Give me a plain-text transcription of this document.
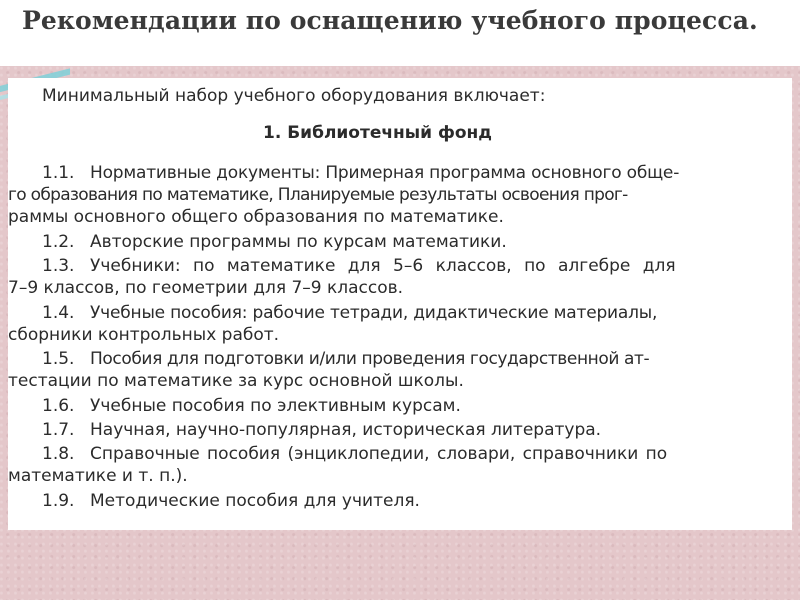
Рекомендации по оснащению учебного процесса.
Минимальный набор учебного оборудования включает:
1. Библиотечный фонд
1.1. Нормативные документы: Примерная программа основного обще-
го образования по математике, Планируемые результаты освоения прог-
раммы основного общего образования по математике.
1.2. Авторские программы по курсам математики.
1.3. Учебники: по математике для 5–6 классов, по алгебре для
7–9 классов, по геометрии для 7–9 классов.
1.4. Учебные пособия: рабочие тетради, дидактические материалы,
сборники контрольных работ.
1.5. Пособия для подготовки и/или проведения государственной ат-
тестации по математике за курс основной школы.
1.6. Учебные пособия по элективным курсам.
1.7. Научная, научно-популярная, историческая литература.
1.8. Справочные пособия (энциклопедии, словари, справочники по
математике и т. п.).
1.9. Методические пособия для учителя.
